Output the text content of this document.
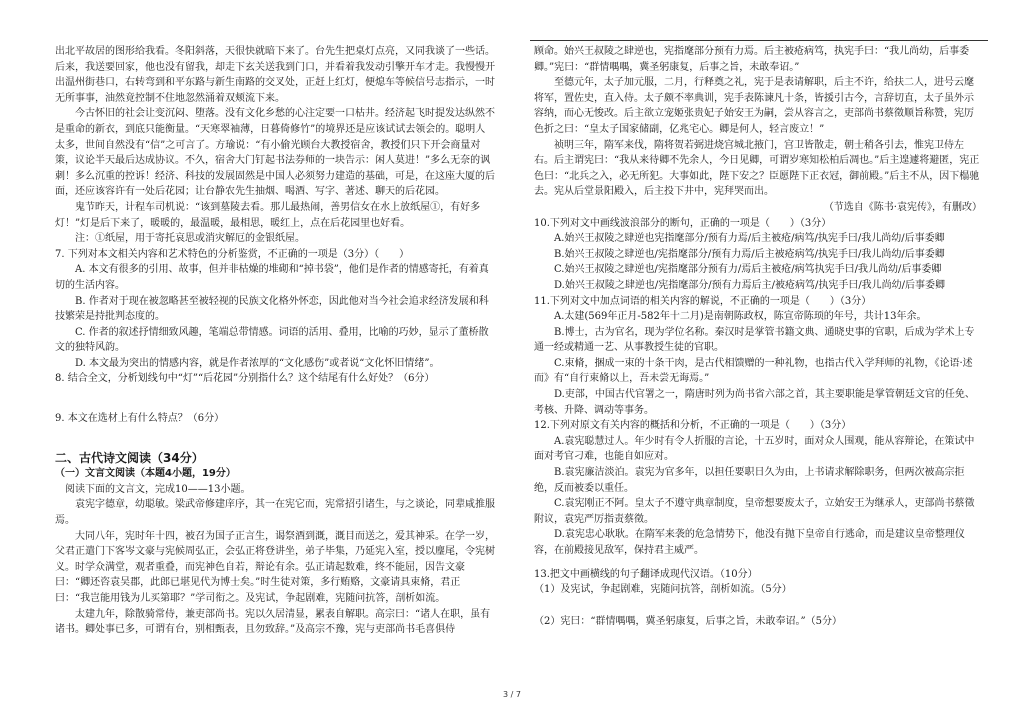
出北平故居的图形给我看。冬阳斜落，天很快就暗下来了。台先生把桌灯点亮，又同我谈了一些话。后来，我送要回家，他也没有留我，却走下玄关送我到门口，并看着我发动引擎开车才走。我慢慢开出温州街巷口，右转弯到和平东路与新生南路的交叉处，正赶上红灯，便熄车等候信号志指示，一时无所事事，油然竟控制不住地忽然涌着双颊流下来。

今古怀旧的社会让变沉闷、堕落。没有文化乡愁的心注定要一口枯井。经济起飞时提发达纵然不是重命的新衣，到底只能衡量。“天寒翠袖薄，日暮倚修竹”的境界还是应该试试去领会的。聪明人太多，世间自然没有“信”之可言了。方瑜说：“有小偷光顾台大教授宿舍，教授们只下开会商量对策，议论半天最后达成协议。不久，宿舍大门钉起书法券师的一块告示：闲人莫进！”多么无奈的讽刺！多么沉重的控诉！经济、科技的发展固然是中国人必须努力建造的基础，可是，在这座大厦的后面，还应该容许有一处后花园；让台静农先生抽烟、喝酒、写字、著述、聊天的后花园。

鬼节昨天，计程车司机说：“该到墓陵去看。那儿最热闹，善男信女在水上放纸屋①，有好多灯！”灯是后下来了，暖暖的，最温暖，最相思，暖红上，点在后花园里也好看。

注：①纸屋，用于寄托哀思或消灾解厄的金银纸屋。

7. 下列对本文相关内容和艺术特色的分析鉴赏，不正确的一项是（3分）（　　）

A. 本文有很多的引用、故事，但并非枯燥的堆砌和“掉书袋”，他们是作者的情感寄托，有着真切的生活内容。

B. 作者对于现在被忽略甚至被轻视的民族文化格外怀恋，因此他对当今社会追求经济发展和科技繁荣是持批判态度的。

C. 作者的叙述抒情细致风趣，笔端总带情感。词语的活用、叠用，比喻的巧妙，显示了董桥散文的独特风韵。

D. 本文最为突出的情感内容，就是作者浓厚的“文化感伤”或者说“文化怀旧情绪”。

8. 结合全文，分析划线句中“灯”“后花园”分别指什么？这个结尾有什么好处？（6分）

9. 本文在选材上有什么特点？（6分）

二、古代诗文阅读（34分）

（一）文言文阅读（本题4小题，19分）

阅读下面的文言文，完成10——13小题。

袁宪字德章，幼聪敏。梁武帝修建庠序，其一在宪它而，宪常招引诸生，与之谈论，同辈咸推服焉。

大同八年，宪时年十四，被召为国子正言生，谒祭酒到溉，溉目而送之，爱其神采。在学一岁，父君正遣门下客岑文豪与宪候周弘正，会弘正将登讲坐，弟子毕集，乃延宪入室，授以麈尾，令宪树义。时学众满堂，观者重叠，而宪神色自若，辩论有余。弘正请起数难，终不能屈，因告文豪曰：“卿还咨袁吴郡，此郎已堪见代为博士矣。”时生徒对策，多行贿赂，文豪请具束脩，君正曰：“我岂能用钱为儿买第耶？”学司衔之。及宪试，争起剧难，宪随问抗答，剖析如流。

太建九年，除散骑常侍，兼吏部尚书。宪以久居清显，累表自解职。高宗曰：“诸人在职，虽有诸书。卿处事已多，可谓有台，别相甄表，且勿致辞。”及高宗不豫，宪与吏部尚书毛喜俱侍

顾命。始兴王叔陵之肆逆也，宪指麾部分预有力焉。后主被疮病笃，执宪手曰：“我儿尚幼，后事委卿。”宪曰：“群情喁喁，冀圣躬康复，后事之旨，未敢奉诏。”

至德元年，太子加元服，二月，行释奠之礼，宪于是表请解职，后主不许，给扶二人，进号云麾将军，置佐史，直入侍。太子颇不率典训，宪手表陈谏凡十条，皆援引古今，言辞切直，太子虽外示容纳，而心无悛改。后主欲立宠姬张贵妃子始安王为嗣，尝从容言之，吏部尚书蔡徵顺旨称赞，宪厉色折之曰：“皇太子国家储副，亿兆宅心。卿是何人，轻言废立！”

祯明三年，隋军来伐，隋将贺若弼进烧宫城北掖门，宫卫皆散走，朝士稍各引去，惟宪卫侍左右。后主谓宪曰：“我从来待卿不先余人，今日见卿，可谓岁寒知松柏后凋也。”后主遑遽将避匿，宪正色曰：“北兵之入，必无所犯。大事如此，陛下安之？臣愿陛下正衣冠，御前殿。”后主不从，因下榻驰去。宪从后堂景阳殿入，后主投下井中，宪拜哭而出。

（节选自《陈书·袁宪传》，有删改）

10.下列对文中画线波浪部分的断句，正确的一项是（　　）（3分）

A.始兴王叔陵之肆逆也宪指麾部分/预有力焉/后主被疮/病笃/执宪手曰/我儿尚幼/后事委卿

B.始兴王叔陵之肆逆也/宪指麾部分/预有力焉/后主被疮病笃/执宪手曰/我儿尚幼/后事委卿

C.始兴王叔陵之肆逆也/宪指麾部分预有力/焉后主被疮/病笃执宪手曰/我儿尚幼/后事委卿

D.始兴王叔陵之肆逆也/宪指麾部分/预有力焉后主/被疮病笃/执宪手曰/我儿尚幼/后事委卿

11.下列对文中加点词语的相关内容的解说，不正确的一项是（　　）（3分）

A.太建(569年正月-582年十二月)是南朝陈政权，陈宣帝陈顼的年号，共计13年余。

B.博士，古为官名，现为学位名称。秦汉时是掌管书籍文典、通晓史事的官职，后成为学术上专通一经或精通一艺、从事教授生徒的官职。

C.束脩，捆成一束的十条干肉，是古代相馈赠的一种礼物，也指古代入学拜师的礼物，《论语·述而》有“自行束脩以上，吾未尝无诲焉。”

D.吏部，中国古代官署之一，隋唐时列为尚书省六部之首，其主要职能是掌管朝廷文官的任免、考核、升降、调动等事务。

12.下列对原文有关内容的概括和分析，不正确的一项是（　　）（3分）

A.袁宪聪慧过人。年少时有令人折服的言论，十五岁时，面对众人围观，能从容辩论，在策试中面对考官刁难，也能自如应对。

B.袁宪廉洁淡泊。袁宪为官多年，以担任要职日久为由，上书请求解除职务，但两次被高宗拒绝，反而被委以重任。

C.袁宪刚正不阿。皇太子不遵守典章制度，皇帝想要废太子，立始安王为继承人，吏部尚书蔡徵附议，袁宪严厉指责蔡徵。

D.袁宪忠心耿耿。在隋军来袭的危急情势下，他没有抛下皇帝自行逃命，而是建议皇帝整理仪容，在前殿接见敌军，保持君主威严。

13.把文中画横线的句子翻译成现代汉语。（10分）

（1）及宪试，争起剧难，宪随问抗答，剖析如流。（5分）

（2）宪曰：“群情喁喁，冀圣躬康复，后事之旨，未敢奉诏。”（5分）

3 / 7
